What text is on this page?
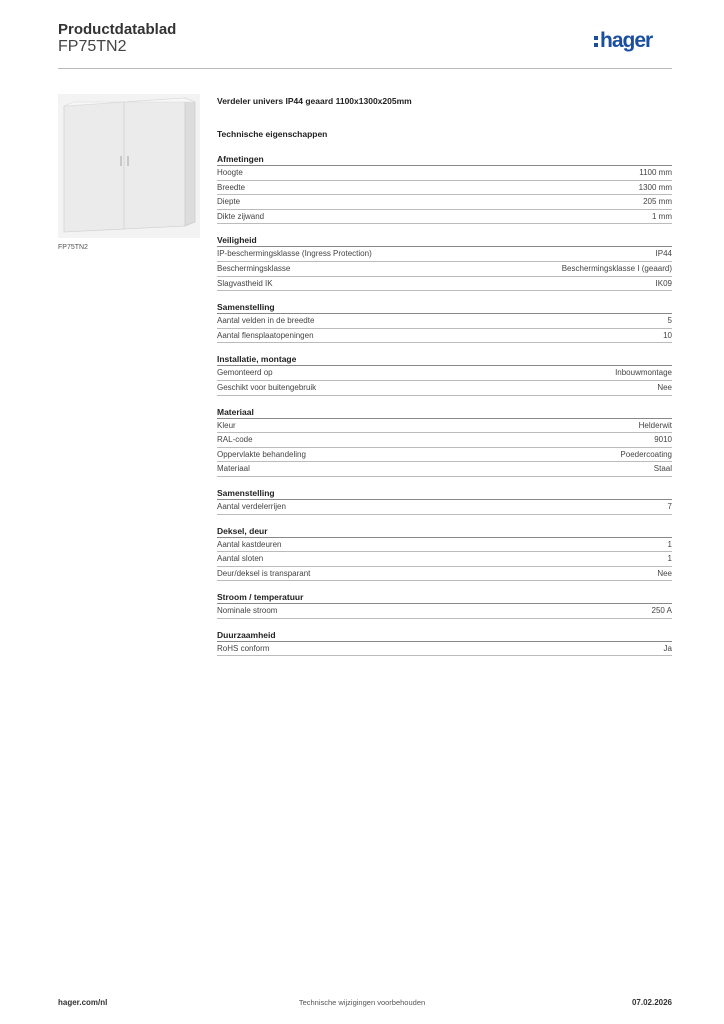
Productdatablad
FP75TN2	hager
FP75TN2
Verdeler univers IP44 geaard 1100x1300x205mm
Technische eigenschappen
Afmetingen
Hoogte	1100 mm
Breedte	1300 mm
Diepte	205 mm
Dikte zijwand	1 mm
Veiligheid
IP-beschermingsklasse (Ingress Protection)	IP44
Beschermingsklasse	Beschermingsklasse I (geaard)
Slagvastheid IK	IK09
Samenstelling
Aantal velden in de breedte	5
Aantal flensplaatopeningen	10
Installatie, montage
Gemonteerd op	Inbouwmontage
Geschikt voor buitengebruik	Nee
Materiaal
Kleur	Helderwit
RAL-code	9010
Oppervlakte behandeling	Poedercoating
Materiaal	Staal
Samenstelling
Aantal verdelerrijen	7
Deksel, deur
Aantal kastdeuren	1
Aantal sloten	1
Deur/deksel is transparant	Nee
Stroom / temperatuur
Nominale stroom	250 A
Duurzaamheid
RoHS conform	Ja
hager.com/nl	Technische wijzigingen voorbehouden	07.02.2026
